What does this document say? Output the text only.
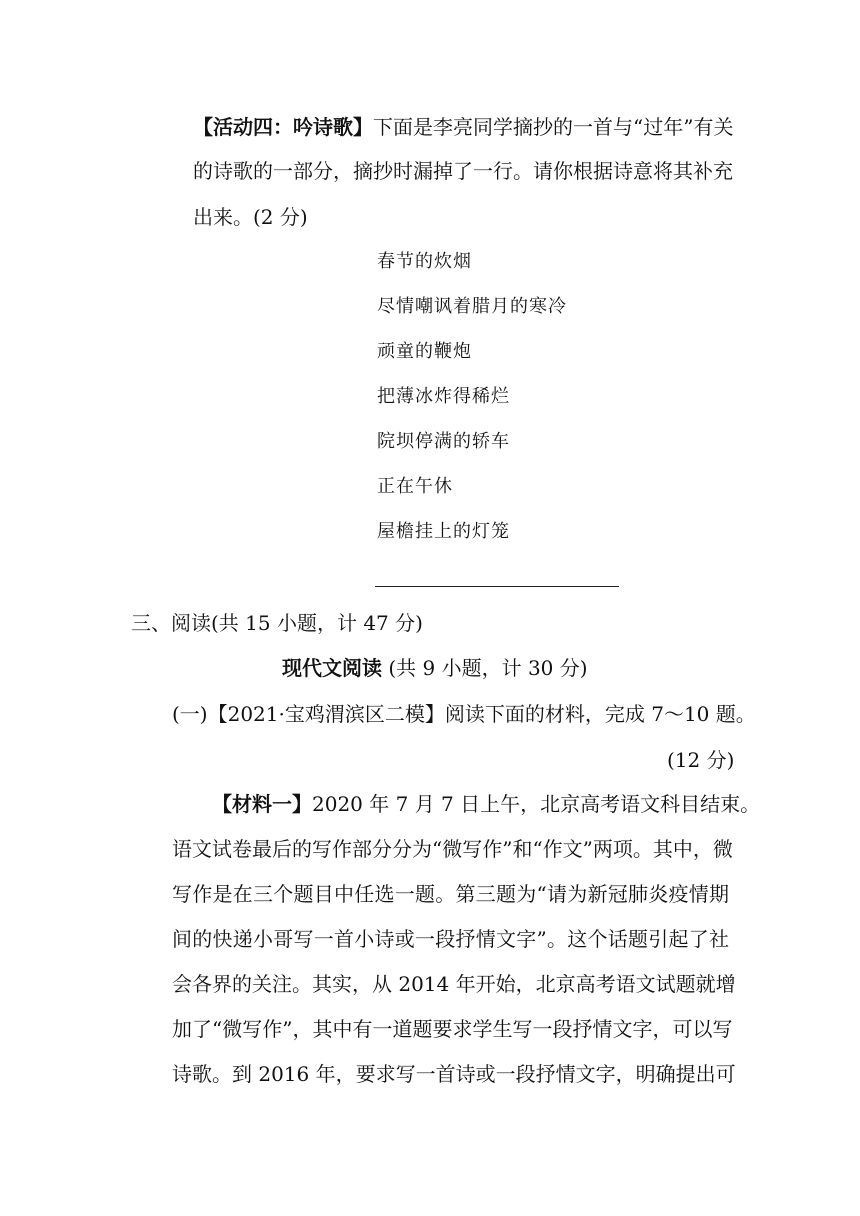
【活动四：吟诗歌】下面是李亮同学摘抄的一首与“过年”有关
的诗歌的一部分，摘抄时漏掉了一行。请你根据诗意将其补充
出来。(2 分)
春节的炊烟
尽情嘲讽着腊月的寒冷
顽童的鞭炮
把薄冰炸得稀烂
院坝停满的轿车
正在午休
屋檐挂上的灯笼
三、阅读(共 15 小题，计 47 分)
现代文阅读 (共 9 小题，计 30 分)
(一)【2021·宝鸡渭滨区二模】阅读下面的材料，完成 7～10 题。
(12 分)
【材料一】2020 年 7 月 7 日上午，北京高考语文科目结束。
语文试卷最后的写作部分分为“微写作”和“作文”两项。其中，微
写作是在三个题目中任选一题。第三题为“请为新冠肺炎疫情期
间的快递小哥写一首小诗或一段抒情文字”。这个话题引起了社
会各界的关注。其实，从 2014 年开始，北京高考语文试题就增
加了“微写作”，其中有一道题要求学生写一段抒情文字，可以写
诗歌。到 2016 年，要求写一首诗或一段抒情文字，明确提出可
